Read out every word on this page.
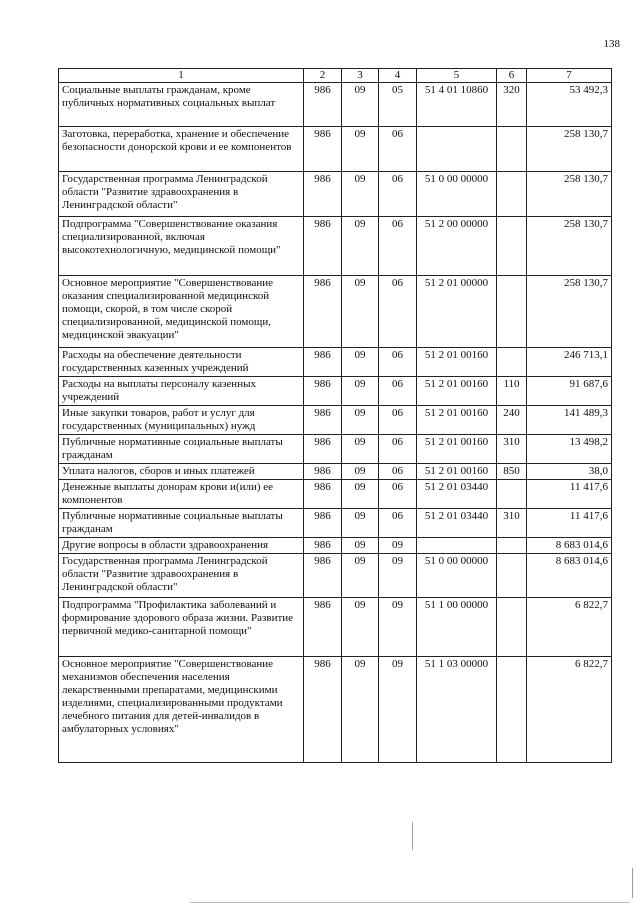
138
1	2	3	4	5	6	7
Социальные выплаты гражданам, кроме публичных нормативных социальных выплат	986	09	05	51 4 01 10860	320	53 492,3
Заготовка, переработка, хранение и обеспечение безопасности донорской крови и ее компонентов	986	09	06			258 130,7
Государственная программа Ленинградской области "Развитие здравоохранения в Ленинградской области"	986	09	06	51 0 00 00000		258 130,7
Подпрограмма "Совершенствование оказания специализированной, включая высокотехнологичную, медицинской помощи"	986	09	06	51 2 00 00000		258 130,7
Основное мероприятие "Совершенствование оказания специализированной медицинской помощи, скорой, в том числе скорой специализированной, медицинской помощи, медицинской эвакуации"	986	09	06	51 2 01 00000		258 130,7
Расходы на обеспечение деятельности государственных казенных учреждений	986	09	06	51 2 01 00160		246 713,1
Расходы на выплаты персоналу казенных учреждений	986	09	06	51 2 01 00160	110	91 687,6
Иные закупки товаров, работ и услуг для государственных (муниципальных) нужд	986	09	06	51 2 01 00160	240	141 489,3
Публичные нормативные социальные выплаты гражданам	986	09	06	51 2 01 00160	310	13 498,2
Уплата налогов, сборов и иных платежей	986	09	06	51 2 01 00160	850	38,0
Денежные выплаты донорам крови и(или) ее компонентов	986	09	06	51 2 01 03440		11 417,6
Публичные нормативные социальные выплаты гражданам	986	09	06	51 2 01 03440	310	11 417,6
Другие вопросы в области здравоохранения	986	09	09			8 683 014,6
Государственная программа Ленинградской области "Развитие здравоохранения в Ленинградской области"	986	09	09	51 0 00 00000		8 683 014,6
Подпрограмма "Профилактика заболеваний и формирование здорового образа жизни. Развитие первичной медико-санитарной помощи"	986	09	09	51 1 00 00000		6 822,7
Основное мероприятие "Совершенствование механизмов обеспечения населения лекарственными препаратами, медицинскими изделиями, специализированными продуктами лечебного питания для детей-инвалидов в амбулаторных условиях"	986	09	09	51 1 03 00000		6 822,7
